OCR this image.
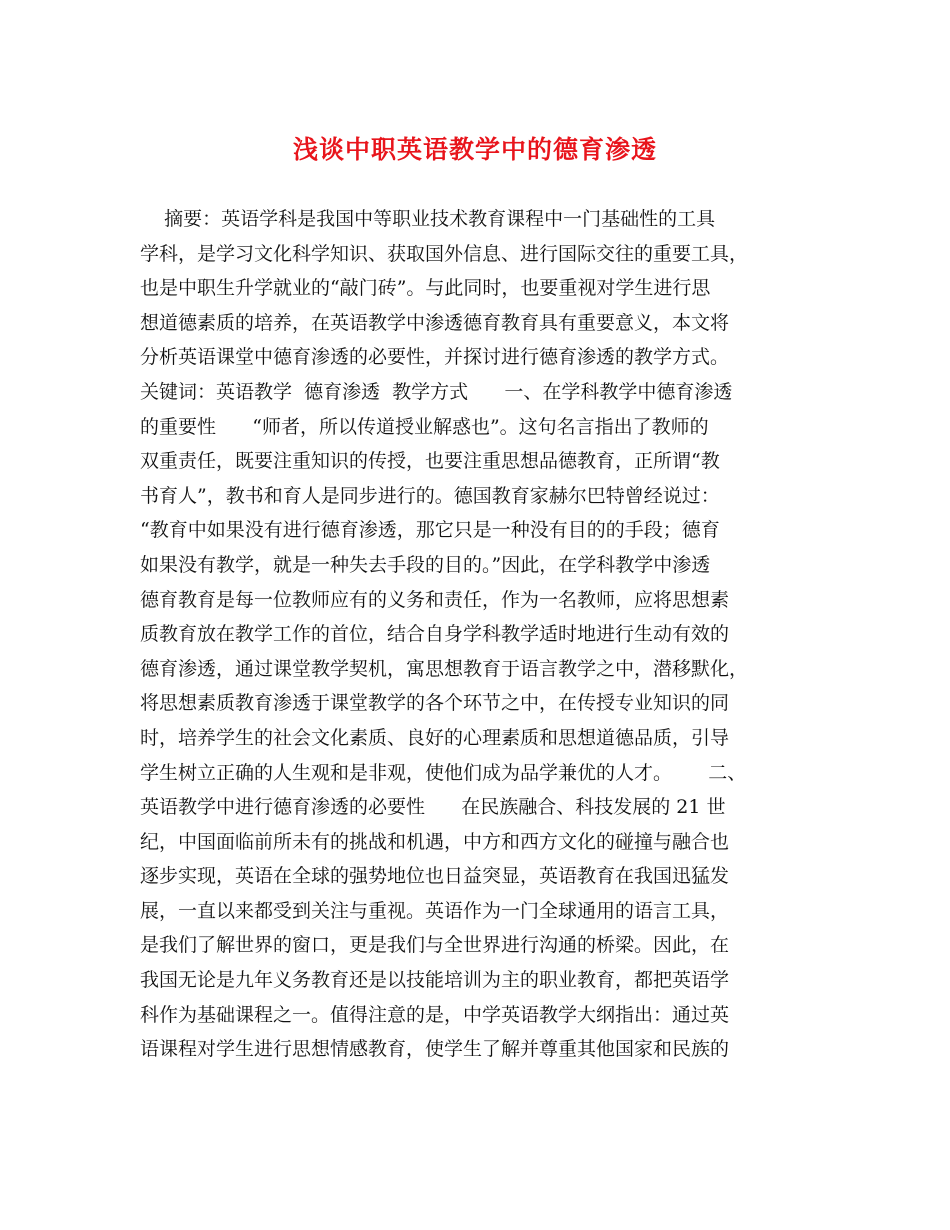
浅谈中职英语教学中的德育渗透
摘要：英语学科是我国中等职业技术教育课程中一门基础性的工具
学科，是学习文化科学知识、获取国外信息、进行国际交往的重要工具，
也是中职生升学就业的“敲门砖”。与此同时，也要重视对学生进行思
想道德素质的培养，在英语教学中渗透德育教育具有重要意义，本文将
分析英语课堂中德育渗透的必要性，并探讨进行德育渗透的教学方式。
关键词：英语教学  德育渗透  教学方式      一、在学科教学中德育渗透
的重要性      “师者，所以传道授业解惑也”。这句名言指出了教师的
双重责任，既要注重知识的传授，也要注重思想品德教育，正所谓“教
书育人”，教书和育人是同步进行的。德国教育家赫尔巴特曾经说过：
“教育中如果没有进行德育渗透，那它只是一种没有目的的手段；德育
如果没有教学，就是一种失去手段的目的。”因此，在学科教学中渗透
德育教育是每一位教师应有的义务和责任，作为一名教师，应将思想素
质教育放在教学工作的首位，结合自身学科教学适时地进行生动有效的
德育渗透，通过课堂教学契机，寓思想教育于语言教学之中，潜移默化，
将思想素质教育渗透于课堂教学的各个环节之中，在传授专业知识的同
时，培养学生的社会文化素质、良好的心理素质和思想道德品质，引导
学生树立正确的人生观和是非观，使他们成为品学兼优的人才。      二、
英语教学中进行德育渗透的必要性      在民族融合、科技发展的 21 世
纪，中国面临前所未有的挑战和机遇，中方和西方文化的碰撞与融合也
逐步实现，英语在全球的强势地位也日益突显，英语教育在我国迅猛发
展，一直以来都受到关注与重视。英语作为一门全球通用的语言工具，
是我们了解世界的窗口，更是我们与全世界进行沟通的桥梁。因此，在
我国无论是九年义务教育还是以技能培训为主的职业教育，都把英语学
科作为基础课程之一。值得注意的是，中学英语教学大纲指出：通过英
语课程对学生进行思想情感教育，使学生了解并尊重其他国家和民族的
